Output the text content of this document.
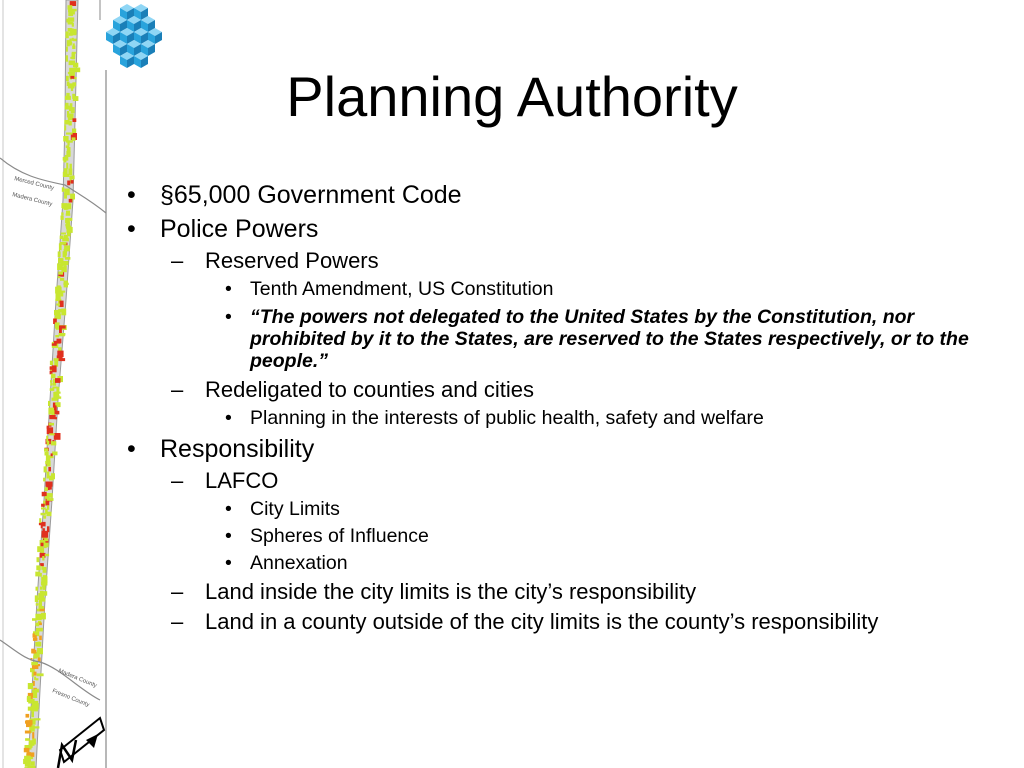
Merced County
Madera County
Madera County
Fresno County
Planning Authority
• §65,000 Government Code
• Police Powers
– Reserved Powers
• Tenth Amendment, US Constitution
• “The powers not delegated to the United States by the Constitution, nor prohibited by it to the States, are reserved to the States respectively, or to the people.”
– Redeligated to counties and cities
• Planning in the interests of public health, safety and welfare
• Responsibility
– LAFCO
• City Limits
• Spheres of Influence
• Annexation
– Land inside the city limits is the city’s responsibility
– Land in a county outside of the city limits is the county’s responsibility
